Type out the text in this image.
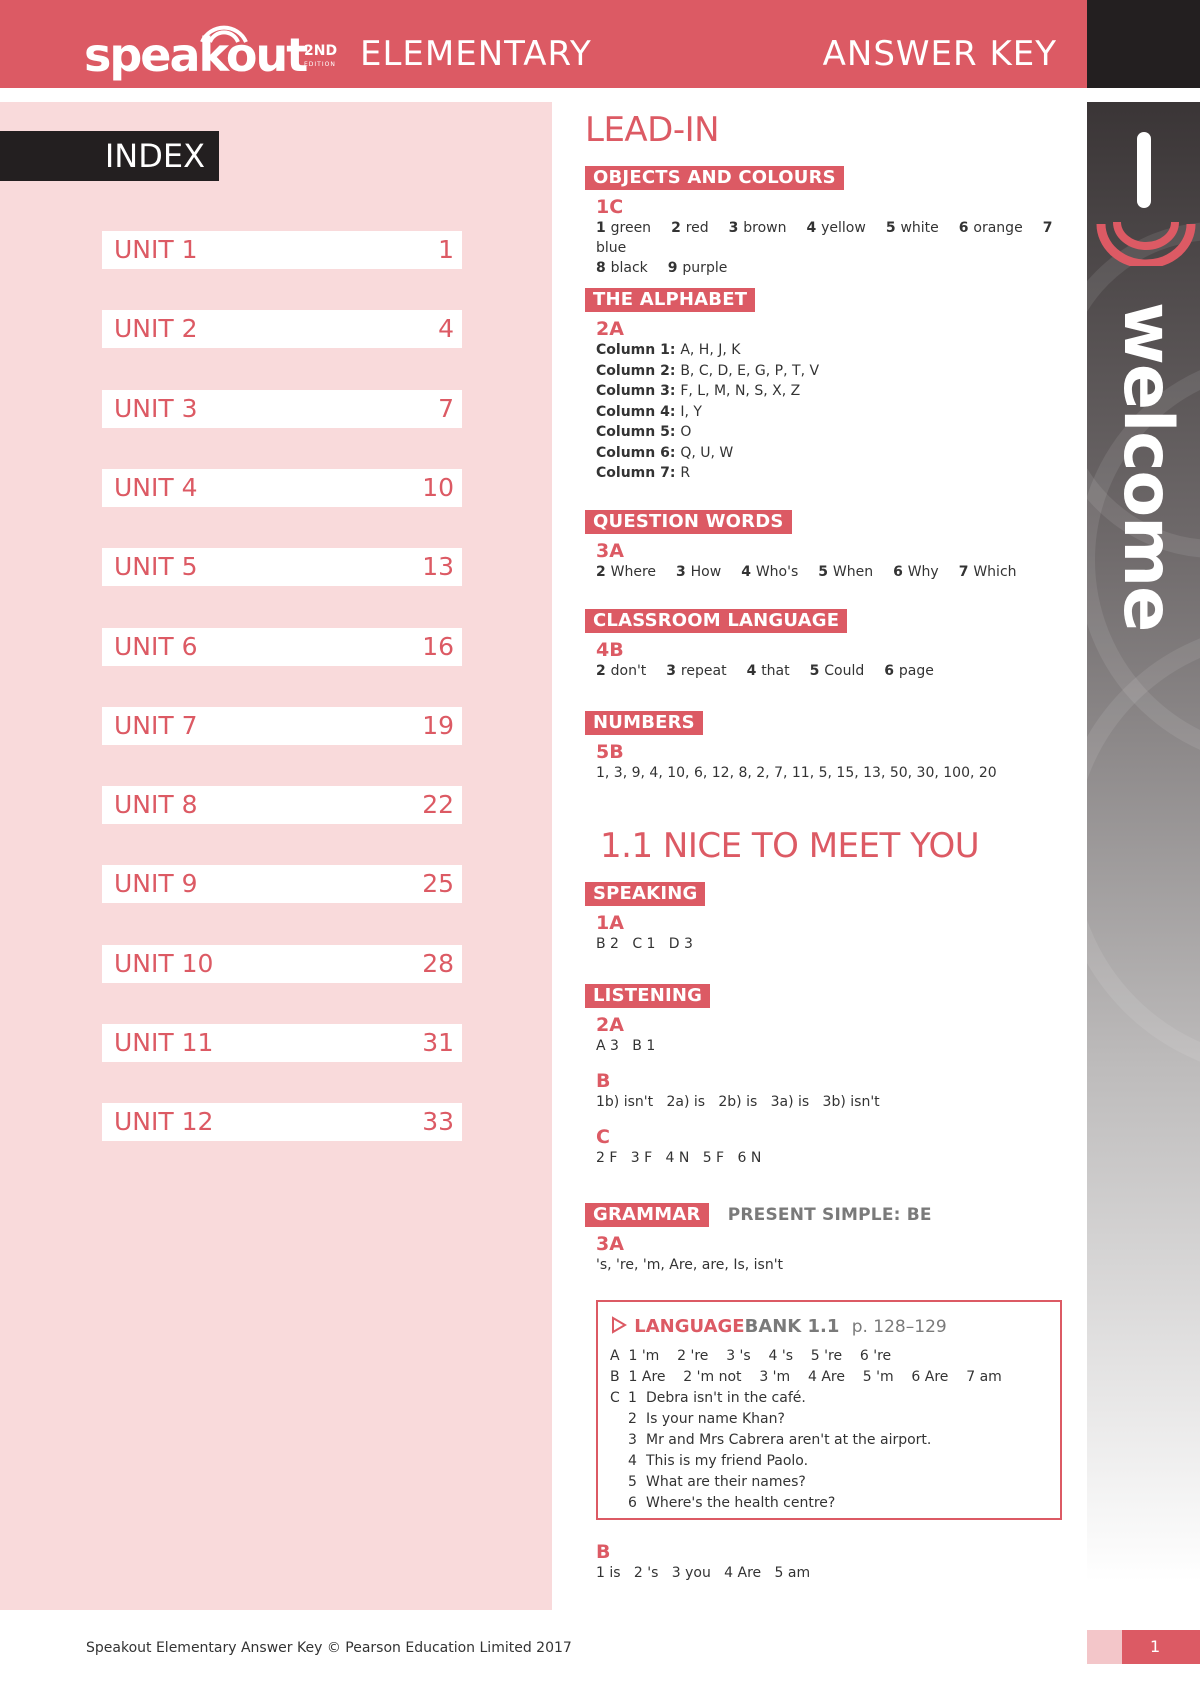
speakout
2ND
EDITION ELEMENTARY	ANSWER KEY
INDEX
UNIT 1	1
UNIT 2	4
UNIT 3	7
UNIT 4	10
UNIT 5	13
UNIT 6	16
UNIT 7	19
UNIT 8	22
UNIT 9	25
UNIT 10	28
UNIT 11	31
UNIT 12	33
welcome
LEAD-IN
OBJECTS AND COLOURS
1C
1 green 2 red 3 brown 4 yellow 5 white 6 orange 7 blue
8 black 9 purple
THE ALPHABET
2A
Column 1: A, H, J, K
Column 2: B, C, D, E, G, P, T, V
Column 3: F, L, M, N, S, X, Z
Column 4: I, Y
Column 5: O
Column 6: Q, U, W
Column 7: R
QUESTION WORDS
3A
2 Where 3 How 4 Who's 5 When 6 Why 7 Which
CLASSROOM LANGUAGE
4B
2 don't 3 repeat 4 that 5 Could 6 page
NUMBERS
5B
1, 3, 9, 4, 10, 6, 12, 8, 2, 7, 11, 5, 15, 13, 50, 30, 100, 20
1.1 NICE TO MEET YOU
SPEAKING
1A
B 2   C 1   D 3
LISTENING
2A
A 3   B 1
B
1b) isn't   2a) is   2b) is   3a) is   3b) isn't
C
2 F   3 F   4 N   5 F   6 N
GRAMMAR PRESENT SIMPLE: BE
3A
's, 're, 'm, Are, are, Is, isn't
LANGUAGEBANK 1.1 p. 128–129
A  1 'm    2 're    3 's    4 's    5 're    6 're
B  1 Are    2 'm not    3 'm    4 Are    5 'm    6 Are    7 am
C 1 Debra isn't in the café.
2 Is your name Khan?
3 Mr and Mrs Cabrera aren't at the airport.
4 This is my friend Paolo.
5 What are their names?
6 Where's the health centre?
B
1 is   2 's   3 you   4 Are   5 am
Speakout Elementary Answer Key © Pearson Education Limited 2017	1
